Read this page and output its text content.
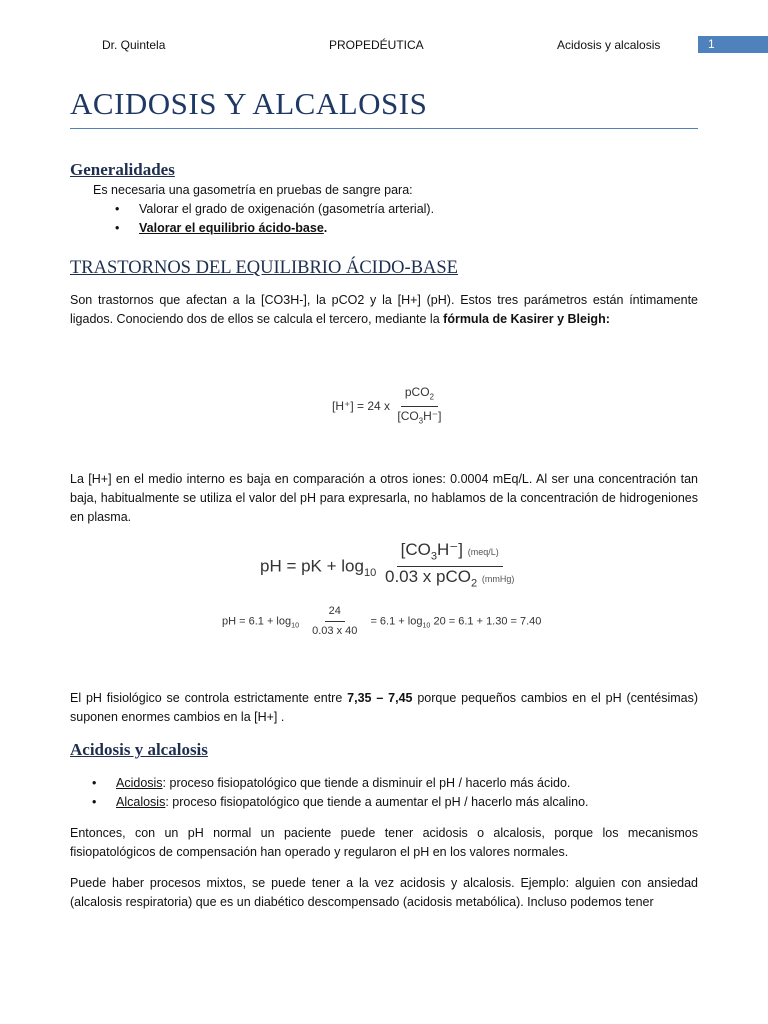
Dr. Quintela	PROPEDÉUTICA	Acidosis y alcalosis	1
ACIDOSIS Y ALCALOSIS
Generalidades

Es necesaria una gasometría en pruebas de sangre para:

• Valorar el grado de oxigenación (gasometría arterial).
• Valorar el equilibrio ácido-base.
TRASTORNOS DEL EQUILIBRIO ÁCIDO-BASE

Son trastornos que afectan a la [CO3H-], la pCO2 y la [H+] (pH). Estos tres parámetros están íntimamente ligados. Conociendo dos de ellos se calcula el tercero, mediante la fórmula de Kasirer y Bleigh:

[H⁺] = 24 x $\frac{pCO_2}{[CO_3H^-]}$

La [H+] en el medio interno es baja en comparación a otros iones: 0.0004 mEq/L. Al ser una concentración tan baja, habitualmente se utiliza el valor del pH para expresarla, no hablamos de la concentración de hidrogeniones en plasma.

pH = pK + $\log_{10} \frac{[CO_3H^-] (meq/L)}{0.03 x pCO_2 (mmHg)}$
pH = $6.1 + \log_{10} \frac{24}{0.03 x 40} = 6.1 + \log_{10} 20 = 6.1 + 1.30 = 7.40$

El pH fisiológico se controla estrictamente entre 7,35 – 7,45 porque pequeños cambios en el pH (centésimas) suponen enormes cambios en la [H+] .

Acidosis y alcalosis
• Acidosis: proceso fisiopatológico que tiende a disminuir el pH / hacerlo más ácido.
• Alcalosis: proceso fisiopatológico que tiende a aumentar el pH / hacerlo más alcalino.

Entonces, con un pH normal un paciente puede tener acidosis o alcalosis, porque los mecanismos fisiopatológicos de compensación han operado y regularon el pH en los valores normales.

Puede haber procesos mixtos, se puede tener a la vez acidosis y alcalosis. Ejemplo: alguien con ansiedad (alcalosis respiratoria) que es un diabético descompensado (acidosis metabólica). Incluso podemos tener
